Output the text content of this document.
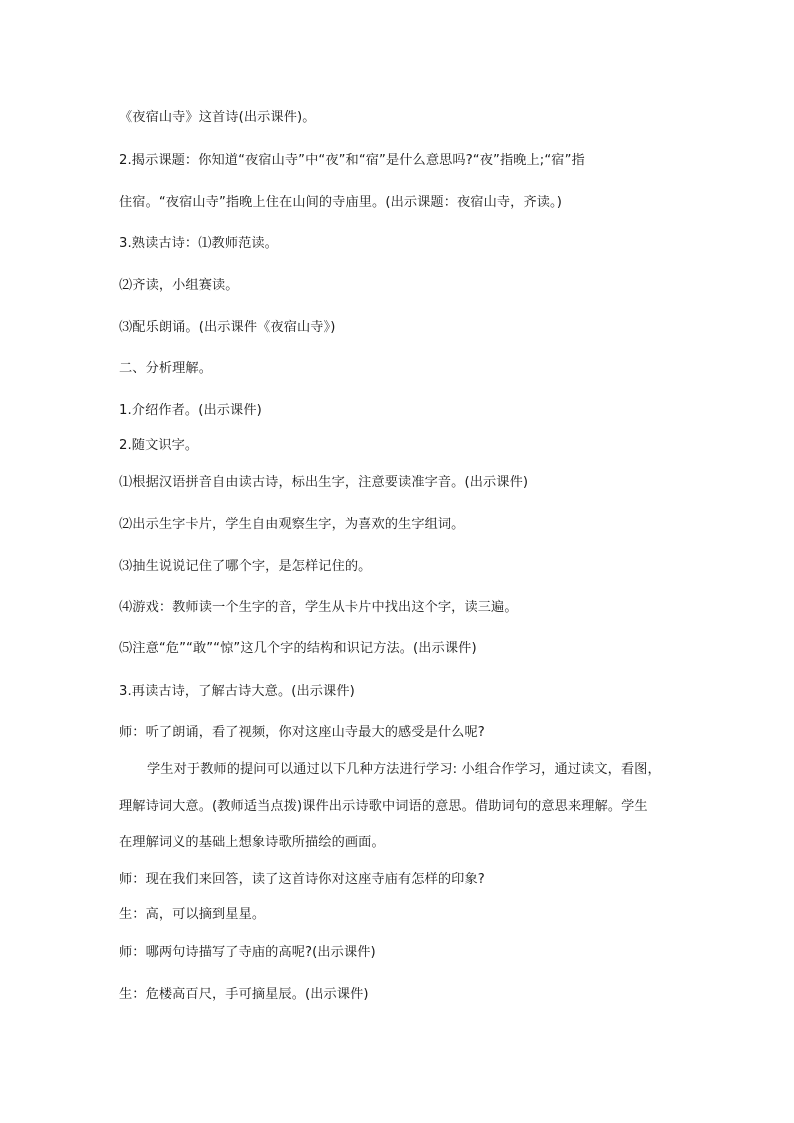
《夜宿山寺》这首诗(出示课件)。
2.揭示课题：你知道“夜宿山寺”中“夜”和“宿”是什么意思吗?“夜”指晚上;“宿”指
住宿。“夜宿山寺”指晚上住在山间的寺庙里。(出示课题：夜宿山寺，齐读。)
3.熟读古诗：⑴教师范读。
⑵齐读，小组赛读。
⑶配乐朗诵。(出示课件《夜宿山寺》)
二、分析理解。
1.介绍作者。(出示课件)
2.随文识字。
⑴根据汉语拼音自由读古诗，标出生字，注意要读准字音。(出示课件)
⑵出示生字卡片，学生自由观察生字，为喜欢的生字组词。
⑶抽生说说记住了哪个字，是怎样记住的。
⑷游戏：教师读一个生字的音，学生从卡片中找出这个字，读三遍。
⑸注意“危”“敢”“惊”这几个字的结构和识记方法。(出示课件)
3.再读古诗，了解古诗大意。(出示课件)
师：听了朗诵，看了视频，你对这座山寺最大的感受是什么呢?
学生对于教师的提问可以通过以下几种方法进行学习: 小组合作学习，通过读文，看图，
理解诗词大意。(教师适当点拨)课件出示诗歌中词语的意思。借助词句的意思来理解。学生
在理解词义的基础上想象诗歌所描绘的画面。
师：现在我们来回答，读了这首诗你对这座寺庙有怎样的印象?
生：高，可以摘到星星。
师：哪两句诗描写了寺庙的高呢?(出示课件)
生：危楼高百尺，手可摘星辰。(出示课件)
